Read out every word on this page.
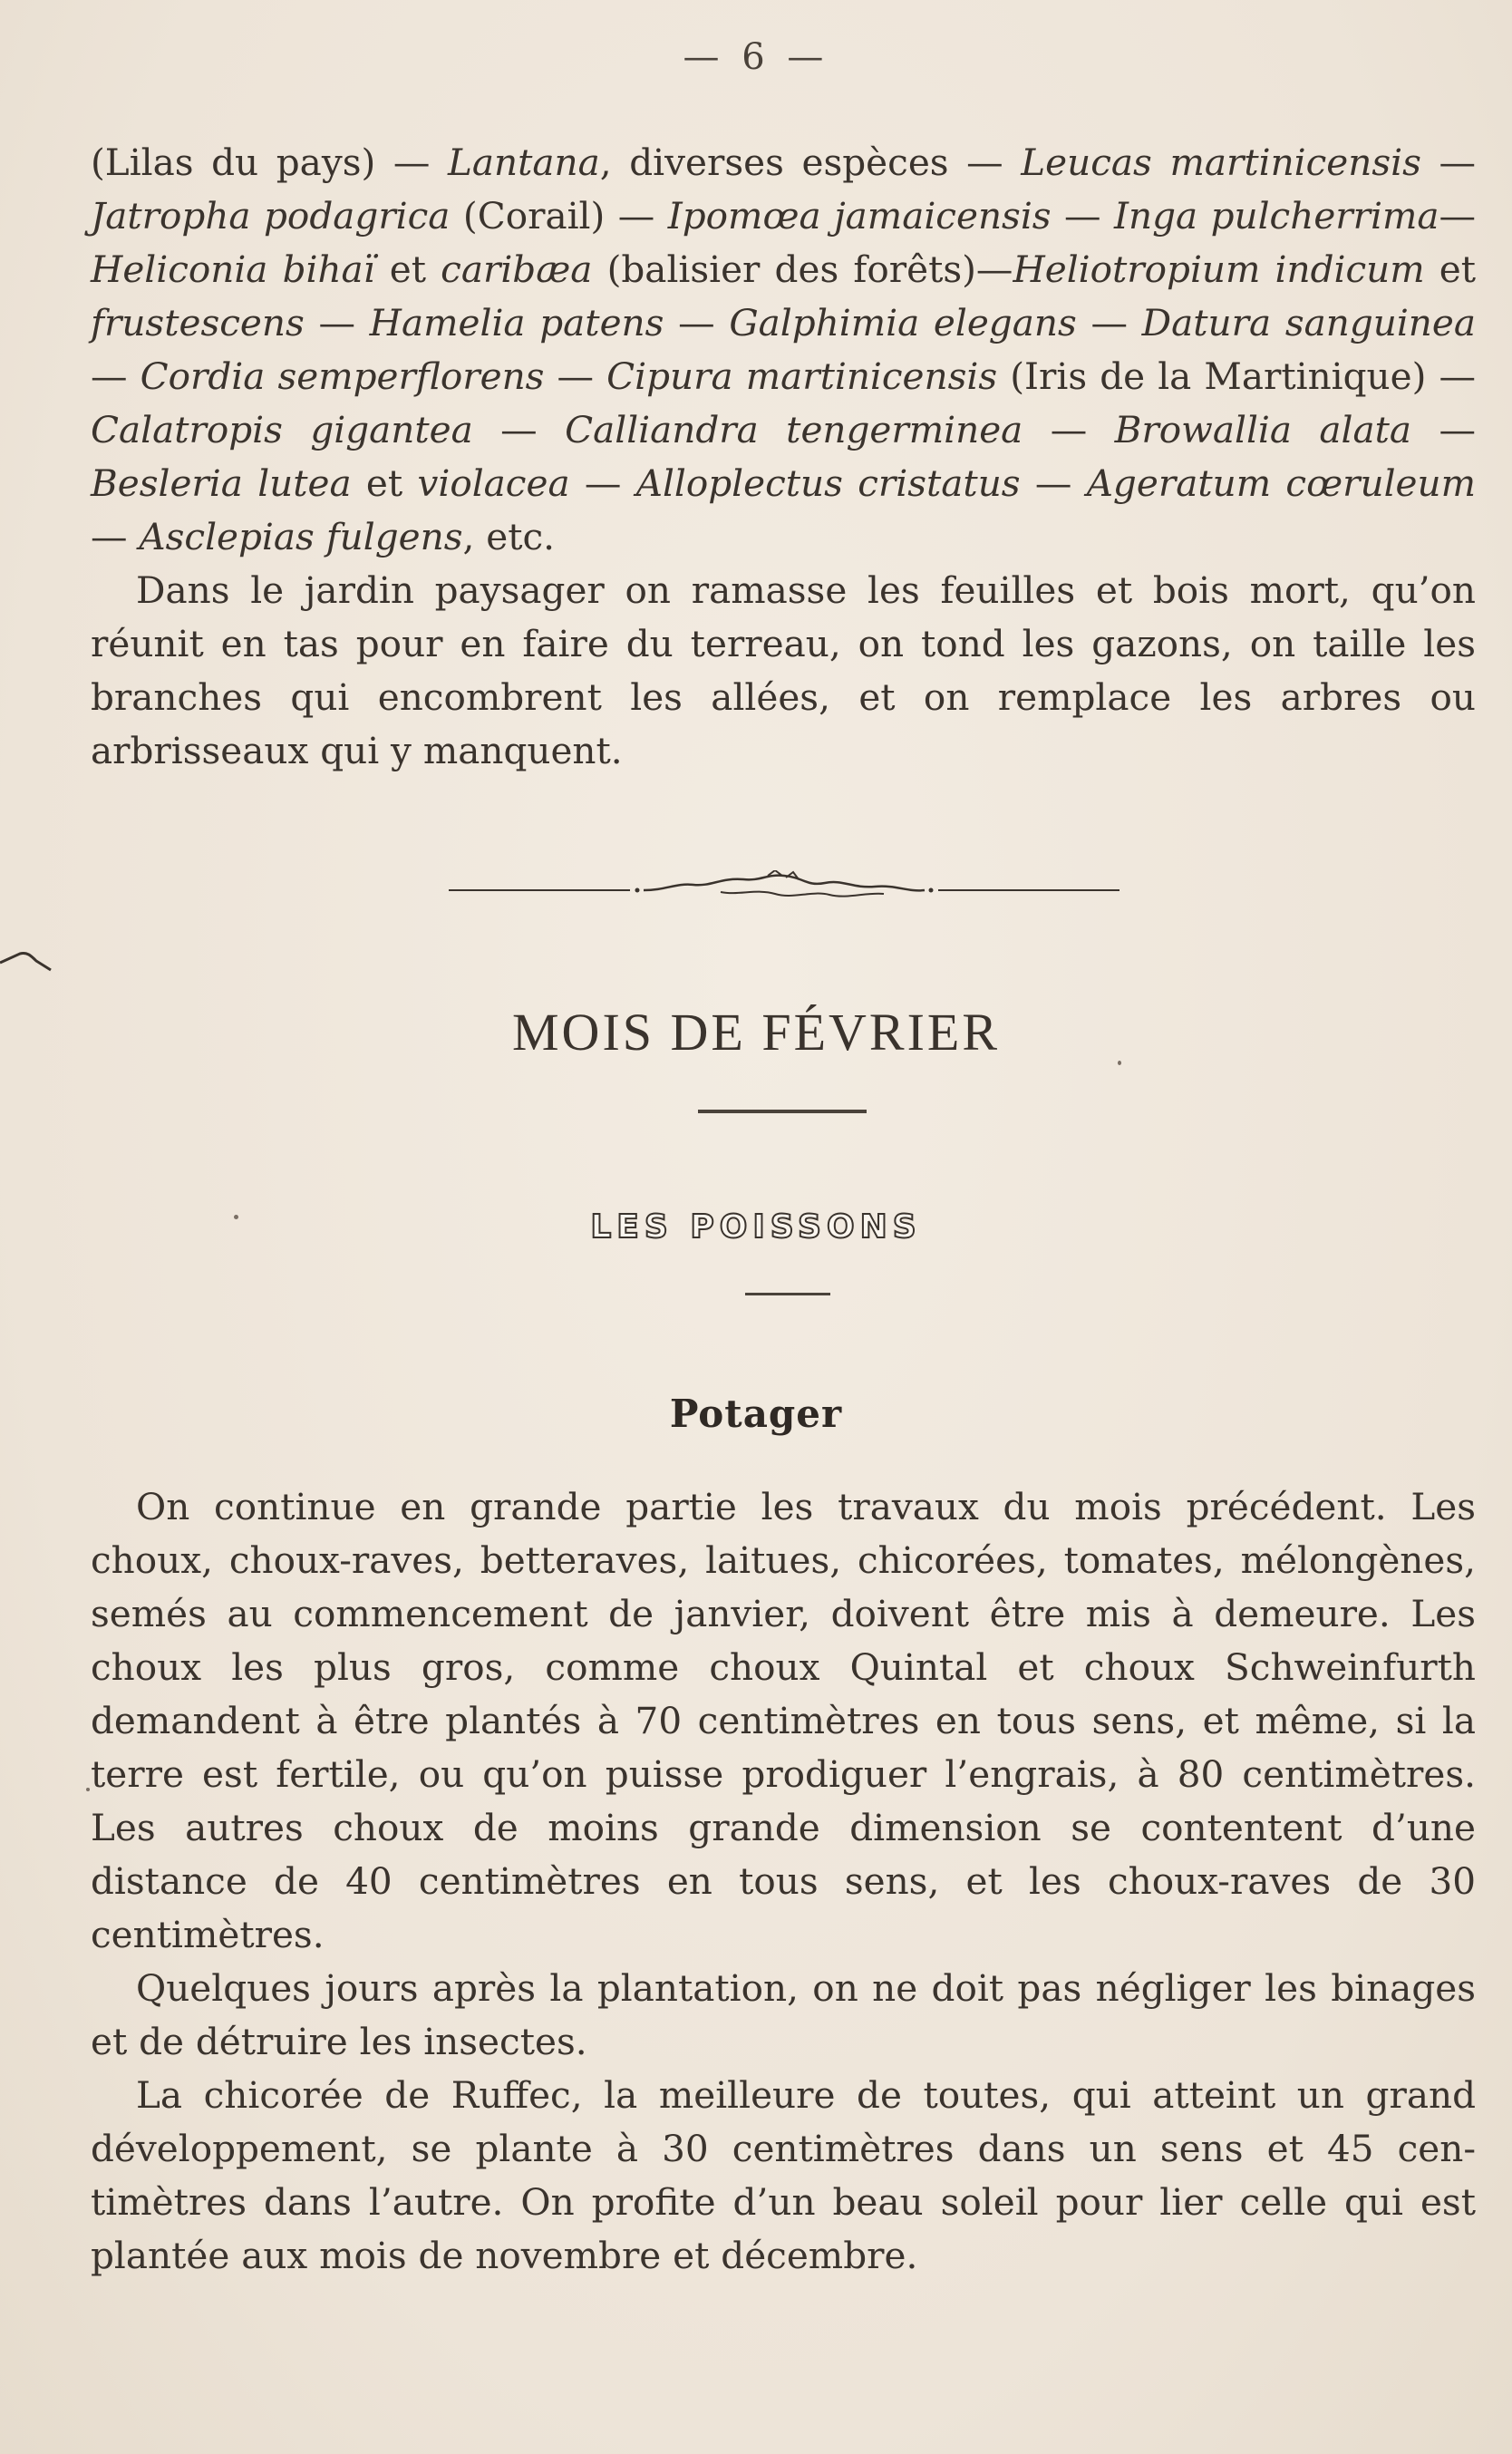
— 6 —

(Lilas du pays) — Lantana, diverses espèces — Leucas martinicensis — Jatropha podagrica (Corail) — Ipomœa jamaicensis — Inga pulcherrima—Heliconia bihaï et caribæa (balisier des forêts)—Heliotropium indicum et frustescens — Hamelia patens — Galphimia elegans — Datura sanguinea — Cordia semperflorens — Cipura martinicensis (Iris de la Martinique) — Calatropis gigantea — Calliandra tengerminea — Browallia alata — Besleria lutea et violacea — Alloplectus cristatus — Ageratum cœruleum — Asclepias fulgens, etc.

Dans le jardin paysager on ramasse les feuilles et bois mort, qu’on réunit en tas pour en faire du terreau, on tond les gazons, on taille les branches qui encombrent les allées, et on remplace les arbres ou arbrisseaux qui y manquent.

MOIS DE FÉVRIER
LES POISSONS
Potager

On continue en grande partie les travaux du mois précédent. Les choux, choux-raves, betteraves, laitues, chicorées, tomates, mélongènes, semés au commencement de janvier, doivent être mis à demeure. Les choux les plus gros, comme choux Quintal et choux Schweinfurth demandent à être plantés à 70 centimètres en tous sens, et même, si la terre est fertile, ou qu’on puisse prodiguer l’engrais, à 80 centimètres. Les autres choux de moins grande dimension se contentent d’une distance de 40 centimètres en tous sens, et les choux-raves de 30 centimètres.

Quelques jours après la plantation, on ne doit pas négliger les binages et de détruire les insectes.

La chicorée de Ruffec, la meilleure de toutes, qui atteint un grand développement, se plante à 30 centimètres dans un sens et 45 centimètres dans l’autre. On profite d’un beau soleil pour lier celle qui est plantée aux mois de novembre et décembre.
